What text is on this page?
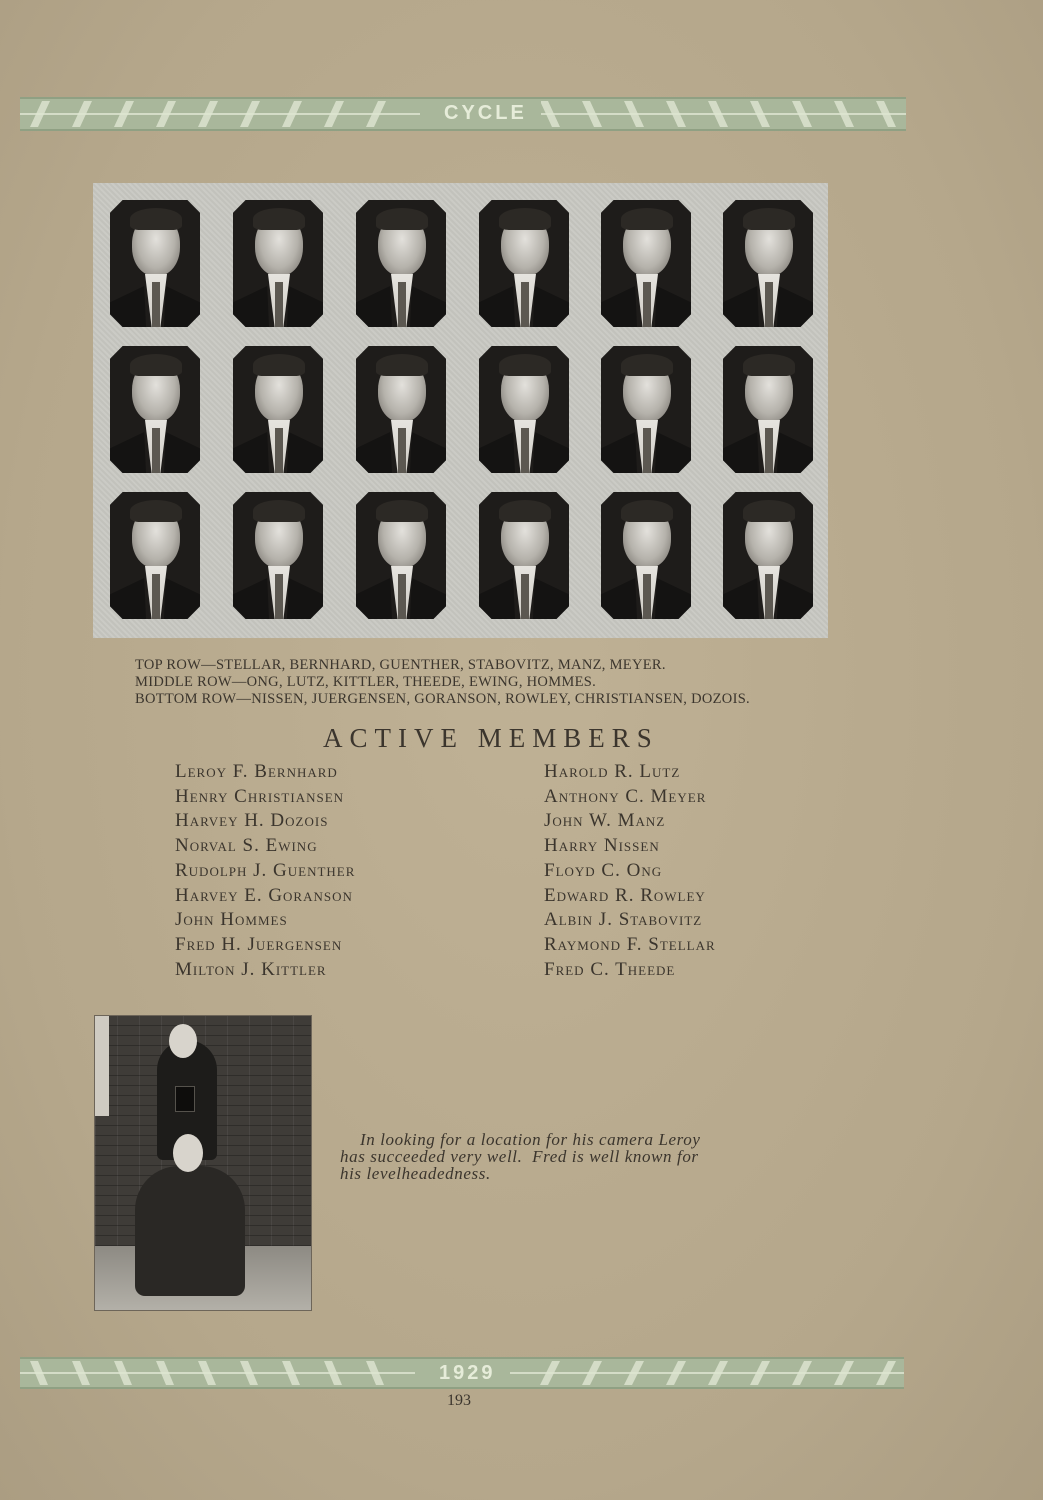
CYCLE
TOP ROW—STELLAR, BERNHARD, GUENTHER, STABOVITZ, MANZ, MEYER.
MIDDLE ROW—ONG, LUTZ, KITTLER, THEEDE, EWING, HOMMES.
BOTTOM ROW—NISSEN, JUERGENSEN, GORANSON, ROWLEY, CHRISTIANSEN, DOZOIS.
ACTIVE MEMBERS
Leroy F. Bernhard
Henry Christiansen
Harvey H. Dozois
Norval S. Ewing
Rudolph J. Guenther
Harvey E. Goranson
John Hommes
Fred H. Juergensen
Milton J. Kittler
Harold R. Lutz
Anthony C. Meyer
John W. Manz
Harry Nissen
Floyd C. Ong
Edward R. Rowley
Albin J. Stabovitz
Raymond F. Stellar
Fred C. Theede
In looking for a location for his camera Leroy
has succeeded very well.  Fred is well known for
his levelheadedness.
1929
193
